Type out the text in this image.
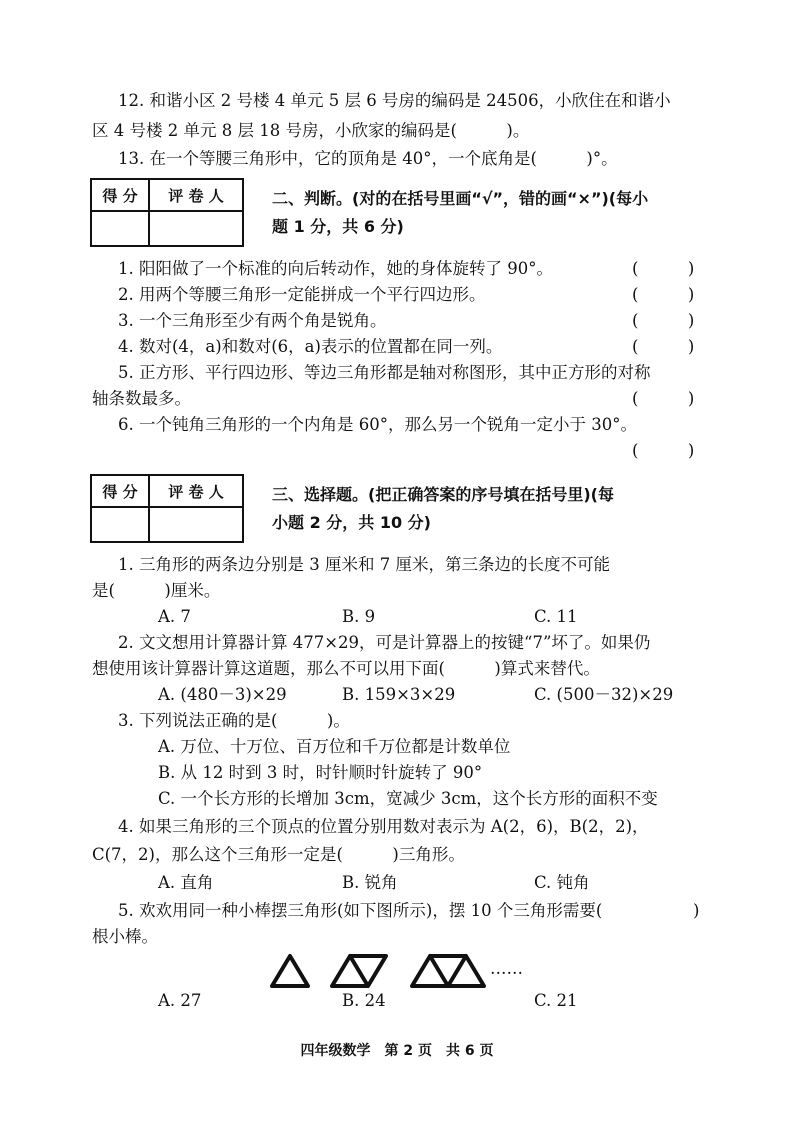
12. 和谐小区 2 号楼 4 单元 5 层 6 号房的编码是 24506，小欣住在和谐小
区 4 号楼 2 单元 8 层 18 号房，小欣家的编码是(　　　)。
13. 在一个等腰三角形中，它的顶角是 40°，一个底角是(　　　)°。
得 分	评 卷 人
		二、判断。(对的在括号里画“√”，错的画“×”)(每小
题 1 分，共 6 分)
1. 阳阳做了一个标准的向后转动作，她的身体旋转了 90°。	(　　　)
2. 用两个等腰三角形一定能拼成一个平行四边形。	(　　　)
3. 一个三角形至少有两个角是锐角。	(　　　)
4. 数对(4，a)和数对(6，a)表示的位置都在同一列。	(　　　)
5. 正方形、平行四边形、等边三角形都是轴对称图形，其中正方形的对称
轴条数最多。	(　　　)
6. 一个钝角三角形的一个内角是 60°，那么另一个锐角一定小于 30°。
(　　　)
得 分	评 卷 人
		三、选择题。(把正确答案的序号填在括号里)(每
小题 2 分，共 10 分)
1. 三角形的两条边分别是 3 厘米和 7 厘米，第三条边的长度不可能
是(　　　)厘米。
A. 7	B. 9	C. 11
2. 文文想用计算器计算 477×29，可是计算器上的按键“7”坏了。如果仍
想使用该计算器计算这道题，那么不可以用下面(　　　)算式来替代。
A. (480－3)×29	B. 159×3×29	C. (500－32)×29
3. 下列说法正确的是(　　　)。
A. 万位、十万位、百万位和千万位都是计数单位
B. 从 12 时到 3 时，时针顺时针旋转了 90°
C. 一个长方形的长增加 3cm，宽减少 3cm，这个长方形的面积不变
4. 如果三角形的三个顶点的位置分别用数对表示为 A(2，6)，B(2，2)，
C(7，2)，那么这个三角形一定是(　　　)三角形。
A. 直角	B. 锐角	C. 钝角
5. 欢欢用同一种小棒摆三角形(如下图所示)，摆 10 个三角形需要(	)
根小棒。
……
A. 27	B. 24	C. 21
四年级数学　第 2 页　共 6 页
